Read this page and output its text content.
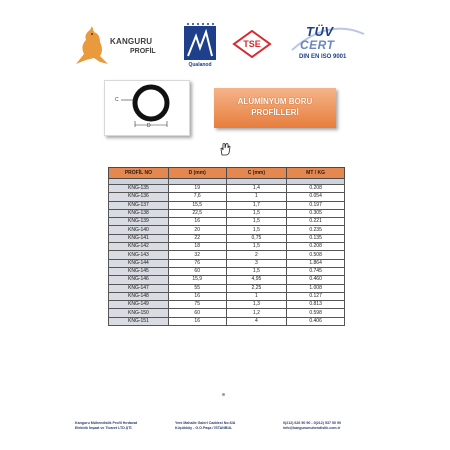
KANGURU
PROFİL
Qualanod
TSE
TÜV
CERT
DIN EN ISO 9001
C
D
ALÜMİNYUM BORU
PROFİLLERİ
PROFİL NO	D (mm)	C (mm)	MT / KG

KNG-135	19	1,4	0.208
KNG-136	7,6	1	0.054
KNG-137	15,5	1,7	0.197
KNG-138	22,5	1,5	0.305
KNG-139	16	1,5	0.221
KNG-140	20	1,5	0.235
KNG-141	22	0,75	0.135
KNG-142	18	1,5	0.208
KNG-143	32	2	0.508
KNG-144	76	3	1.864
KNG-145	60	1,5	0.745
KNG-146	15,9	4,95	0.460
KNG-147	55	2,25	1.008
KNG-148	16	1	0.127
KNG-149	75	1,3	0.813
KNG-150	60	1,2	0.598
KNG-151	16	4	0.406
Kanguru Mühendislik Profil Hırdavat
Elektrik İnşaat ve Ticaret LTD.ŞTİ.
Yeni Mahalle Galeri Caddesi No:6/A
Küçükköy - G.O.Paşa / İSTANBUL
0(212) 626 50 90 - 0(212) 537 50 90
info@kangurumuhendislik.com.tr
